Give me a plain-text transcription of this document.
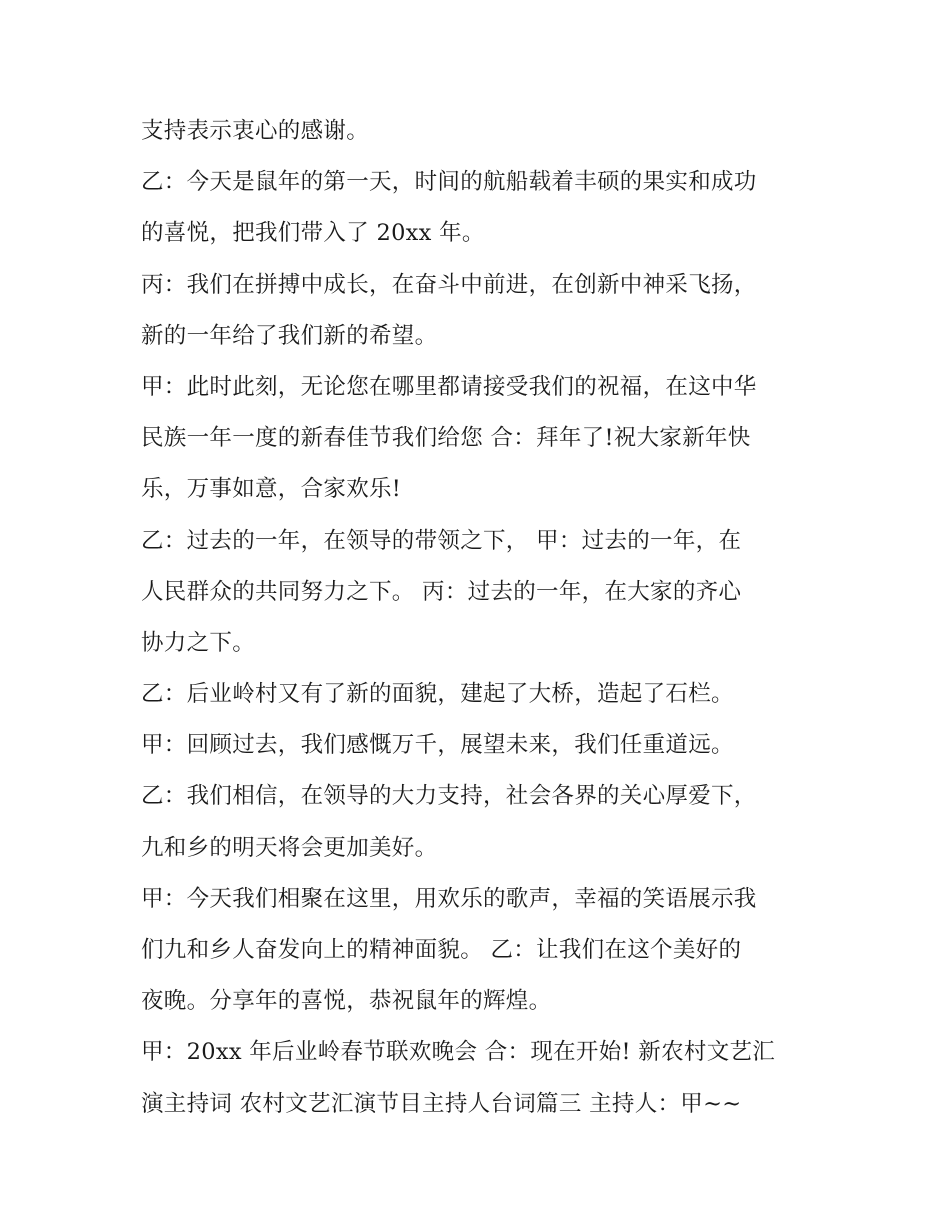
支持表示衷心的感谢。
乙：今天是鼠年的第一天，时间的航船载着丰硕的果实和成功
的喜悦，把我们带入了 20xx 年。
丙：我们在拼搏中成长，在奋斗中前进，在创新中神采飞扬，
新的一年给了我们新的希望。
甲：此时此刻，无论您在哪里都请接受我们的祝福，在这中华
民族一年一度的新春佳节我们给您 合：拜年了!祝大家新年快
乐，万事如意，合家欢乐!
乙：过去的一年，在领导的带领之下， 甲：过去的一年，在
人民群众的共同努力之下。 丙：过去的一年，在大家的齐心
协力之下。
乙：后业岭村又有了新的面貌，建起了大桥，造起了石栏。
甲：回顾过去，我们感慨万千，展望未来，我们任重道远。
乙：我们相信，在领导的大力支持，社会各界的关心厚爱下，
九和乡的明天将会更加美好。
甲：今天我们相聚在这里，用欢乐的歌声，幸福的笑语展示我
们九和乡人奋发向上的精神面貌。 乙：让我们在这个美好的
夜晚。分享年的喜悦，恭祝鼠年的辉煌。
甲：20xx 年后业岭春节联欢晚会 合：现在开始! 新农村文艺汇
演主持词 农村文艺汇演节目主持人台词篇三 主持人：甲~~
